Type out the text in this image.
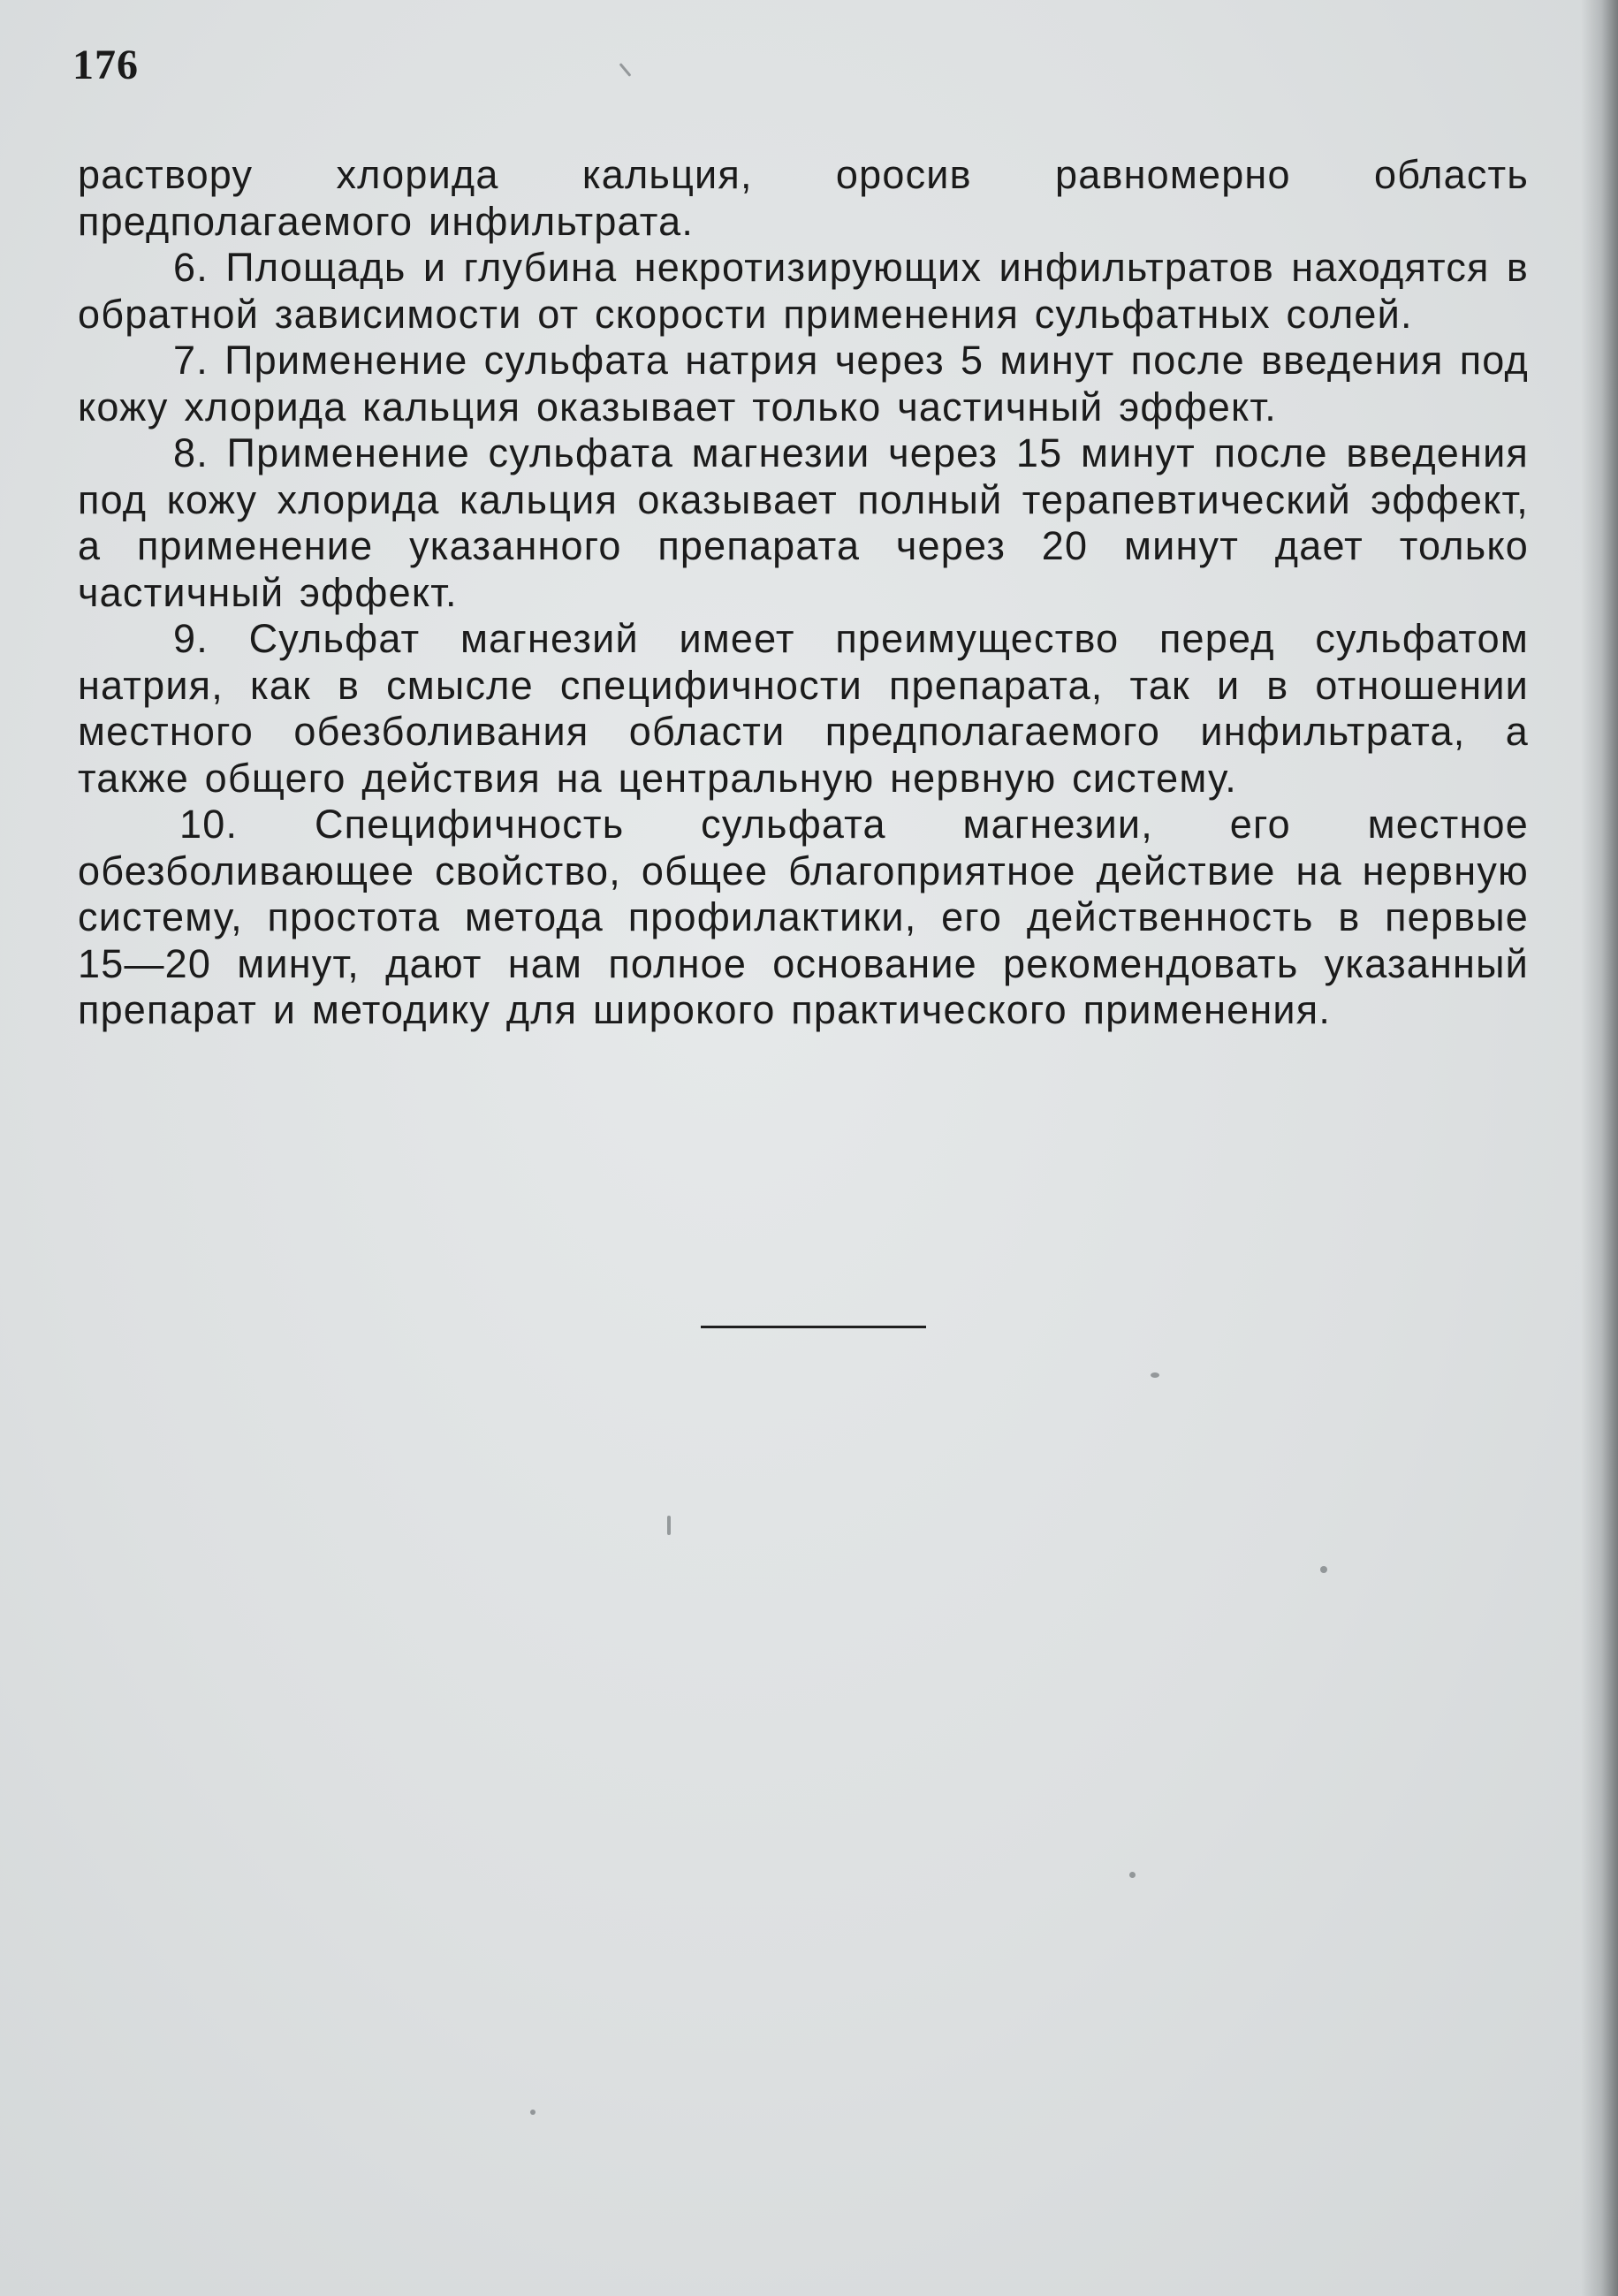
176

раствору хлорида кальция, оросив равномерно область предполагаемого инфильтрата.

6. Площадь и глубина некротизирующих инфильтратов находятся в обратной зависимости от скорости применения сульфатных солей.

7. Применение сульфата натрия через 5 минут после введения под кожу хлорида кальция оказывает только частичный эффект.

8. Применение сульфата магнезии через 15 минут после введения под кожу хлорида кальция оказывает полный терапевтический эффект, а применение указанного препарата через 20 минут дает только частичный эффект.

9. Сульфат магнезий имеет преимущество перед сульфатом натрия, как в смысле специфичности препарата, так и в отношении местного обезболивания области предполагаемого инфильтрата, а также общего действия на центральную нервную систему.

10. Специфичность сульфата магнезии, его местное обезболивающее свойство, общее благоприятное действие на нервную систему, простота метода профилактики, его действенность в первые 15—20 минут, дают нам полное основание рекомендовать указанный препарат и методику для широкого практического применения.
